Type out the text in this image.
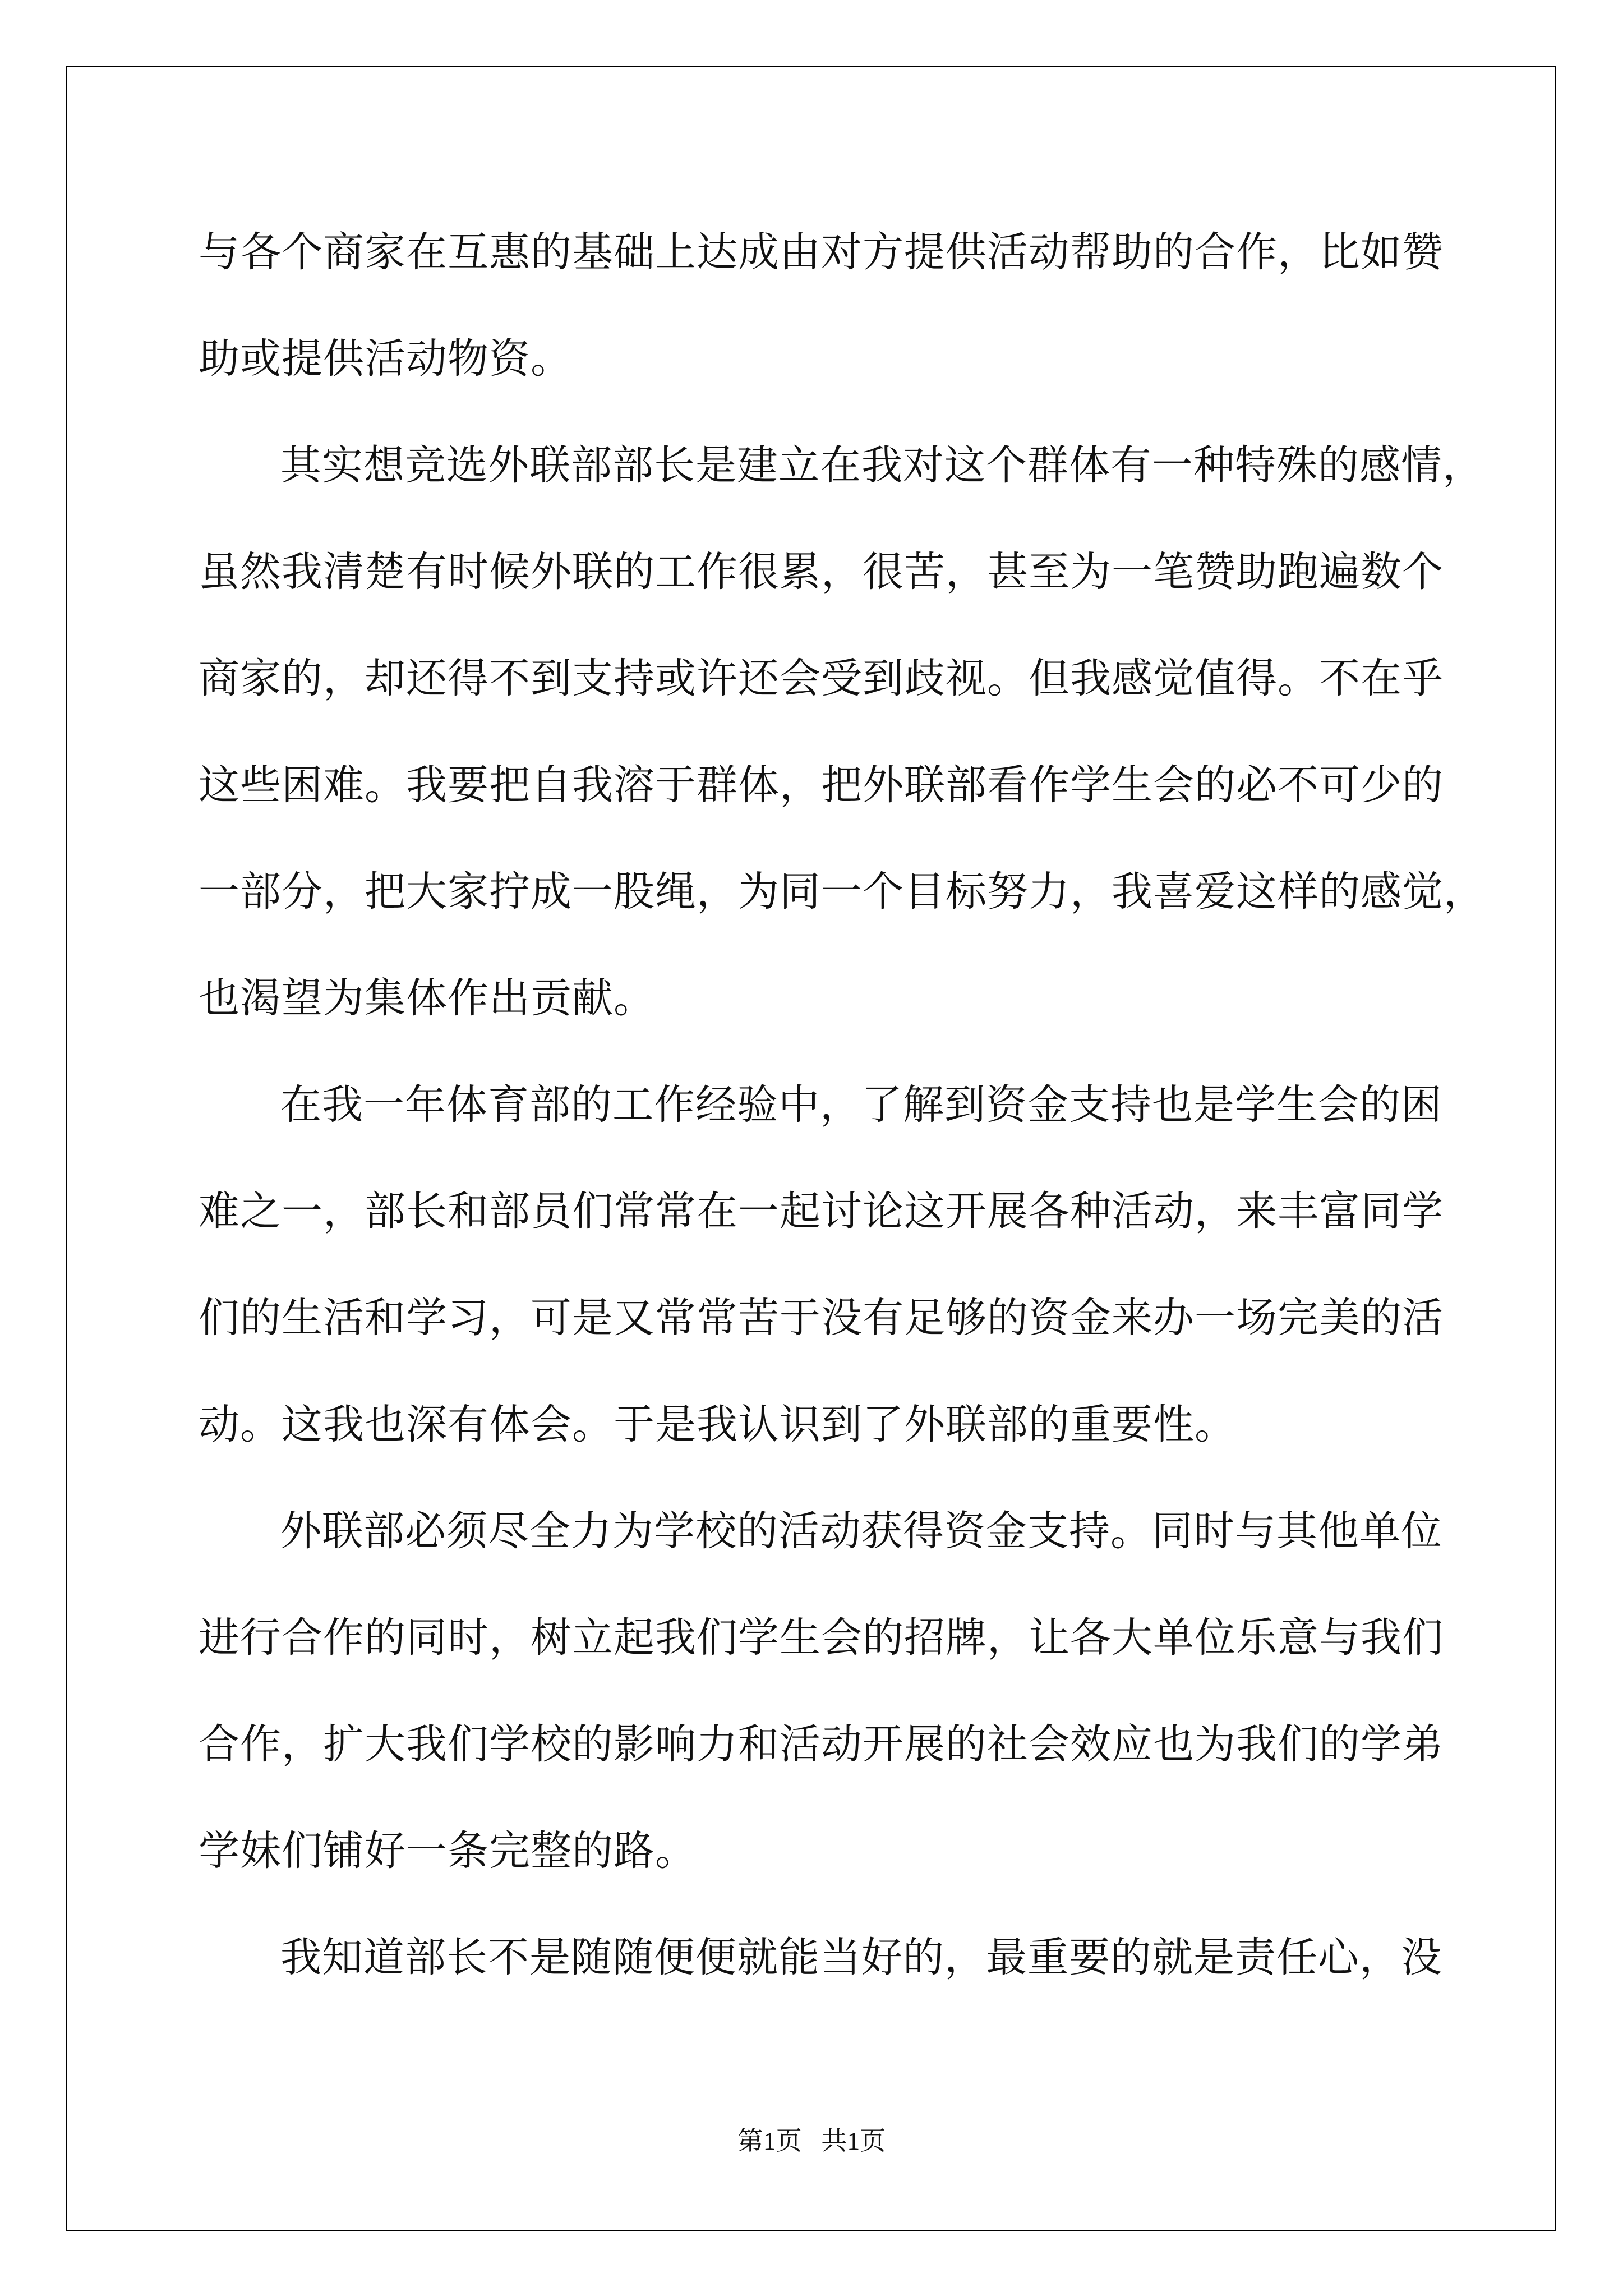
与各个商家在互惠的基础上达成由对方提供活动帮助的合作，比如赞

助或提供活动物资。

其实想竞选外联部部长是建立在我对这个群体有一种特殊的感情，

虽然我清楚有时候外联的工作很累，很苦，甚至为一笔赞助跑遍数个

商家的，却还得不到支持或许还会受到歧视。但我感觉值得。不在乎

这些困难。我要把自我溶于群体，把外联部看作学生会的必不可少的

一部分，把大家拧成一股绳，为同一个目标努力，我喜爱这样的感觉，

也渴望为集体作出贡献。

在我一年体育部的工作经验中，了解到资金支持也是学生会的困

难之一，部长和部员们常常在一起讨论这开展各种活动，来丰富同学

们的生活和学习，可是又常常苦于没有足够的资金来办一场完美的活

动。这我也深有体会。于是我认识到了外联部的重要性。

外联部必须尽全力为学校的活动获得资金支持。同时与其他单位

进行合作的同时，树立起我们学生会的招牌，让各大单位乐意与我们

合作，扩大我们学校的影响力和活动开展的社会效应也为我们的学弟

学妹们铺好一条完整的路。

我知道部长不是随随便便就能当好的，最重要的就是责任心，没

第1页   共1页
